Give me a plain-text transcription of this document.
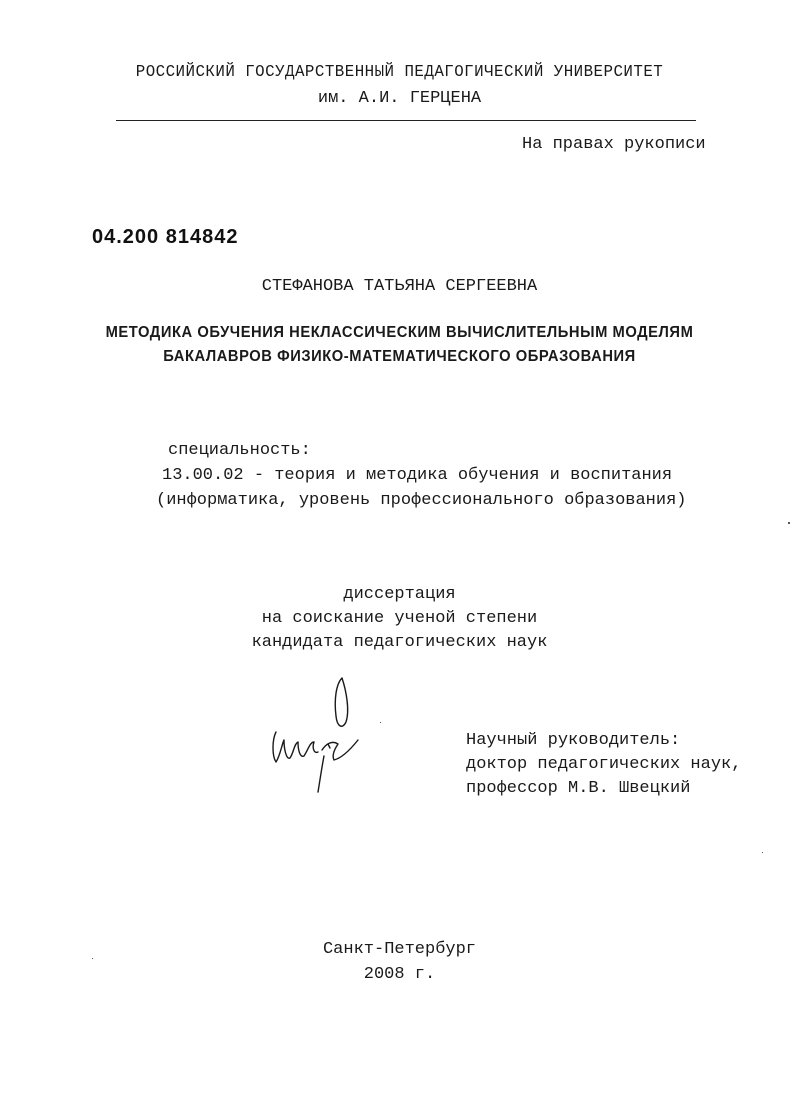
РОССИЙСКИЙ ГОСУДАРСТВЕННЫЙ ПЕДАГОГИЧЕСКИЙ УНИВЕРСИТЕТ
им. А.И. ГЕРЦЕНА
На правах рукописи
04.200 814842
СТЕФАНОВА ТАТЬЯНА СЕРГЕЕВНА
МЕТОДИКА ОБУЧЕНИЯ НЕКЛАССИЧЕСКИМ ВЫЧИСЛИТЕЛЬНЫМ МОДЕЛЯМ
БАКАЛАВРОВ ФИЗИКО-МАТЕМАТИЧЕСКОГО ОБРАЗОВАНИЯ
специальность:
13.00.02 - теория и методика обучения и воспитания
(информатика, уровень профессионального образования)
диссертация
на соискание ученой степени
кандидата педагогических наук
Научный руководитель:
доктор педагогических наук,
профессор М.В. Швецкий
Санкт-Петербург
2008 г.
